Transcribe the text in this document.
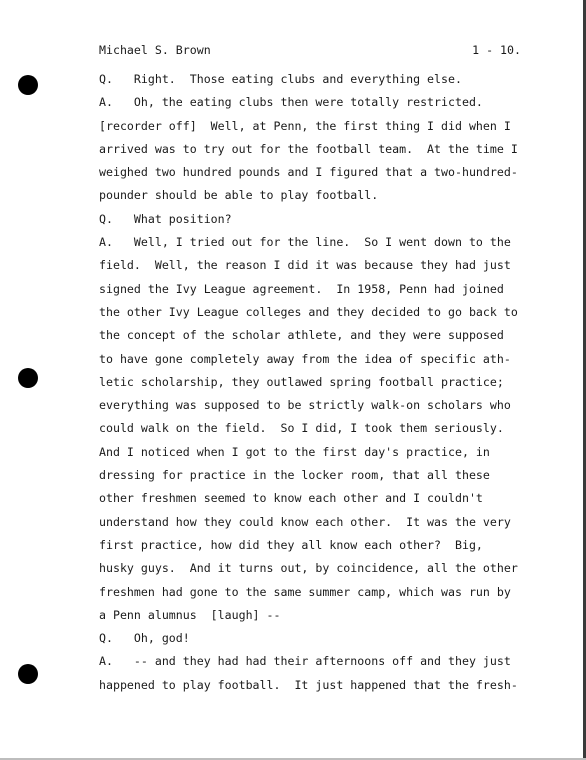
Michael S. Brown	1 - 10.
Q.   Right.  Those eating clubs and everything else.
A.   Oh, the eating clubs then were totally restricted.
[recorder off]  Well, at Penn, the first thing I did when I
arrived was to try out for the football team.  At the time I
weighed two hundred pounds and I figured that a two-hundred-
pounder should be able to play football.
Q.   What position?
A.   Well, I tried out for the line.  So I went down to the
field.  Well, the reason I did it was because they had just
signed the Ivy League agreement.  In 1958, Penn had joined
the other Ivy League colleges and they decided to go back to
the concept of the scholar athlete, and they were supposed
to have gone completely away from the idea of specific ath-
letic scholarship, they outlawed spring football practice;
everything was supposed to be strictly walk-on scholars who
could walk on the field.  So I did, I took them seriously.
And I noticed when I got to the first day's practice, in
dressing for practice in the locker room, that all these
other freshmen seemed to know each other and I couldn't
understand how they could know each other.  It was the very
first practice, how did they all know each other?  Big,
husky guys.  And it turns out, by coincidence, all the other
freshmen had gone to the same summer camp, which was run by
a Penn alumnus  [laugh] --
Q.   Oh, god!
A.   -- and they had had their afternoons off and they just
happened to play football.  It just happened that the fresh-
